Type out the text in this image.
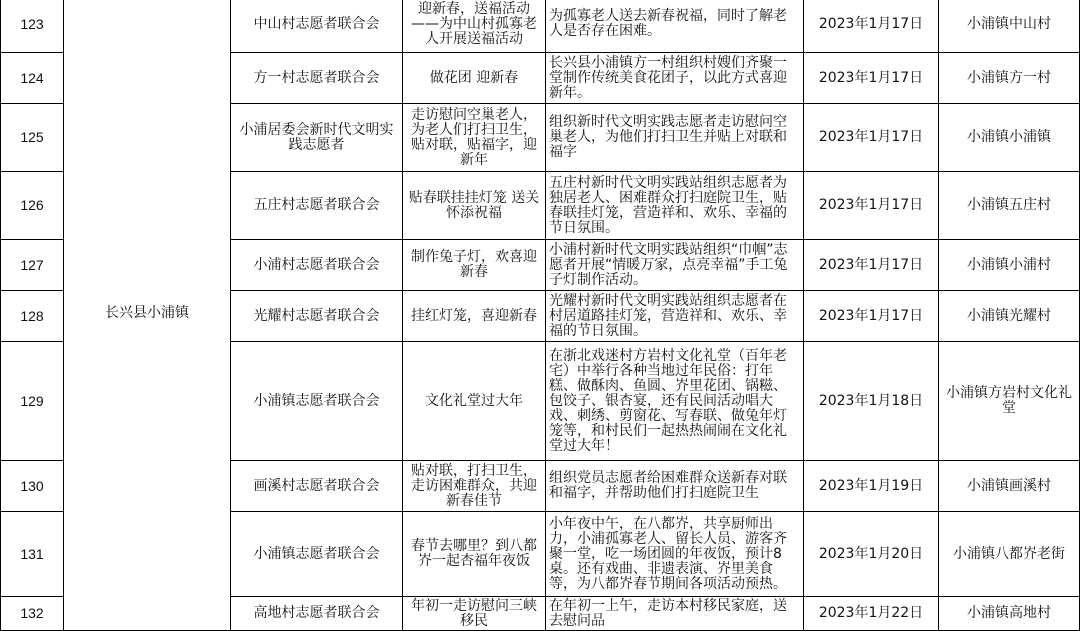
123	长兴县小浦镇	中山村志愿者联合会	迎新春，送福活动——为中山村孤寡老人开展送福活动	为孤寡老人送去新春祝福，同时了解老人是否存在困难。	2023年1月17日	小浦镇中山村
124		方一村志愿者联合会	做花团 迎新春	长兴县小浦镇方一村组织村嫂们齐聚一堂制作传统美食花团子，以此方式喜迎新年。	2023年1月17日	小浦镇方一村
125		小浦居委会新时代文明实践志愿者	走访慰问空巢老人，为老人们打扫卫生，贴对联，贴福字，迎新年	组织新时代文明实践志愿者走访慰问空巢老人，为他们打扫卫生并贴上对联和福字	2023年1月17日	小浦镇小浦镇
126		五庄村志愿者联合会	贴春联挂挂灯笼 送关怀添祝福	五庄村新时代文明实践站组织志愿者为独居老人、困难群众打扫庭院卫生，贴春联挂灯笼，营造祥和、欢乐、幸福的节日氛围。	2023年1月17日	小浦镇五庄村
127		小浦村志愿者联合会	制作兔子灯，欢喜迎新春	小浦村新时代文明实践站组织“巾帼”志愿者开展“情暖万家，点亮幸福”手工兔子灯制作活动。	2023年1月17日	小浦镇小浦村
128		光耀村志愿者联合会	挂红灯笼，喜迎新春	光耀村新时代文明实践站组织志愿者在村居道路挂灯笼，营造祥和、欢乐、幸福的节日氛围。	2023年1月17日	小浦镇光耀村
129		小浦镇志愿者联合会	文化礼堂过大年	在浙北戏迷村方岩村文化礼堂（百年老宅）中举行各种当地过年民俗：打年糕、做酥肉、鱼圆、岕里花团、锅糍、包饺子、银杏宴，还有民间活动唱大戏、刺绣、剪窗花、写春联、做兔年灯笼等，和村民们一起热热闹闹在文化礼堂过大年！	2023年1月18日	小浦镇方岩村文化礼堂
130		画溪村志愿者联合会	贴对联，打扫卫生，走访困难群众，共迎新春佳节	组织党员志愿者给困难群众送新春对联和福字，并帮助他们打扫庭院卫生	2023年1月19日	小浦镇画溪村
131		小浦镇志愿者联合会	春节去哪里？到八都岕一起杏福年夜饭	小年夜中午，在八都岕，共享厨师出力，小浦孤寡老人、留长人员、游客齐聚一堂，吃一场团圆的年夜饭，预计8桌。还有戏曲、非遗表演、岕里美食等，为八都岕春节期间各项活动预热。	2023年1月20日	小浦镇八都岕老街
132		高地村志愿者联合会	年初一走访慰问三峡移民	在年初一上午，走访本村移民家庭，送去慰问品	2023年1月22日	小浦镇高地村
